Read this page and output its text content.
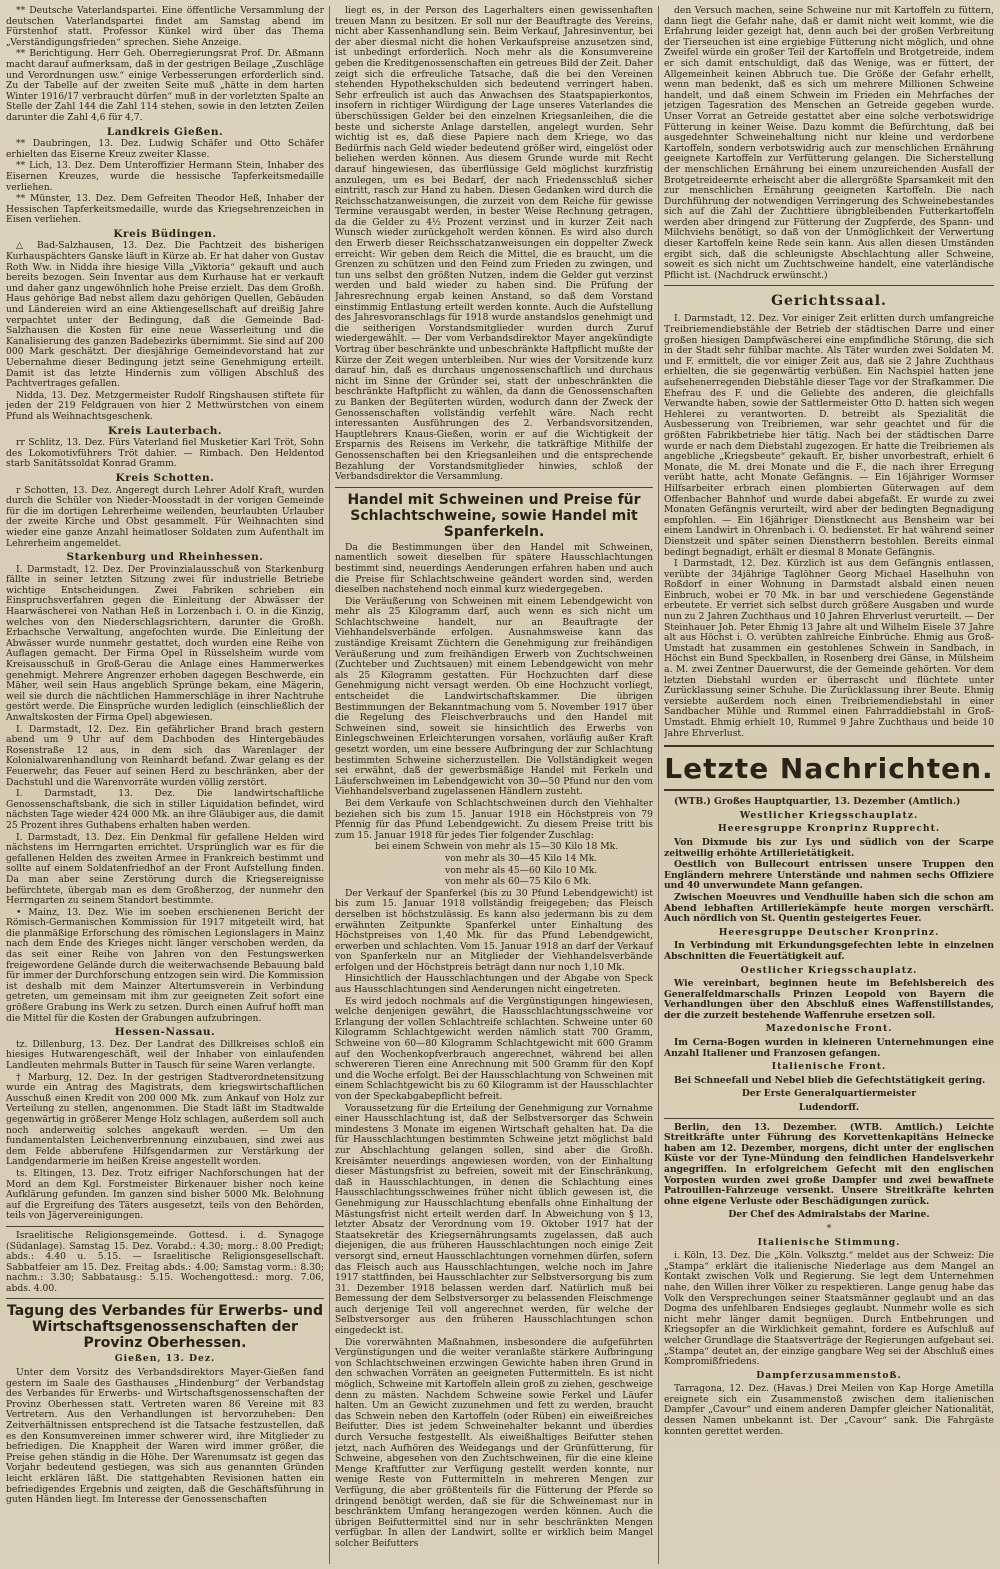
** Deutsche Vaterlandspartei. Eine öffentliche Versammlung der deutschen Vaterlandspartei findet am Samstag abend im Fürstenhof statt. Professor Künkel wird über das Thema „Verständigungsfrieden“ sprechen. Siehe Anzeige.

** Berichtigung. Herr Geh. Oberregierungsrat Prof. Dr. Aßmann macht darauf aufmerksam, daß in der gestrigen Beilage „Zuschläge und Verordnungen usw.“ einige Verbesserungen erforderlich sind. Zu der Tabelle auf der zweiten Seite muß „hätte in dem harten Winter 1916/17 verbraucht dürfen“ muß in der vorletzten Spalte an Stelle der Zahl 144 die Zahl 114 stehen, sowie in den letzten Zeilen darunter die Zahl 4,6 für 4,7.

Landkreis Gießen.

** Daubringen, 13. Dez. Ludwig Schäfer und Otto Schäfer erhielten das Eiserne Kreuz zweiter Klasse.

** Lich, 13. Dez. Dem Unteroffizier Hermann Stein, Inhaber des Eisernen Kreuzes, wurde die hessische Tapferkeitsmedaille verliehen.

** Münster, 13. Dez. Dem Gefreiten Theodor Heß, Inhaber der Hessischen Tapferkeitsmedaille, wurde das Kriegsehrenzeichen in Eisen verliehen.

Kreis Büdingen.

△ Bad-Salzhausen, 13. Dez. Die Pachtzeit des bisherigen Kurhauspächters Ganske läuft in Kürze ab. Er hat daher von Gustav Roth Ww. in Nidda ihre hiesige Villa „Viktoria“ gekauft und auch bereits bezogen. Sein Inventar aus dem Kurhause hat er verkauft und daher ganz ungewöhnlich hohe Preise erzielt. Das dem Großh. Haus gehörige Bad nebst allem dazu gehörigen Quellen, Gebäuden und Ländereien wird an eine Aktiengesellschaft auf dreißig Jahre verpachtet unter der Bedingung, daß die Gemeinde Bad-Salzhausen die Kosten für eine neue Wasserleitung und die Kanalisierung des ganzen Badebezirks übernimmt. Sie sind auf 200 000 Mark geschätzt. Der diesjährige Gemeindevorstand hat zur Uebernahme dieser Bedingung jetzt seine Genehmigung erteilt. Damit ist das letzte Hindernis zum völligen Abschluß des Pachtvertrages gefallen.

Nidda, 13. Dez. Metzgermeister Rudolf Ringshausen stiftete für jeden der 219 Feldgrauen von hier 2 Mettwürstchen von einem Pfund als Weihnachtsgeschenk.

Kreis Lauterbach.

rr Schlitz, 13. Dez. Fürs Vaterland fiel Musketier Karl Tröt, Sohn des Lokomotivführers Tröt dahier. — Rimbach. Den Heldentod starb Sanitätssoldat Konrad Gramm.

Kreis Schotten.

r Schotten, 13. Dez. Angeregt durch Lehrer Adolf Kraft, wurden durch die Schüler von Nieder-Moosstadt in der vorigen Gemeinde für die im dortigen Lehrerheime weilenden, beurlaubten Urlauber der zweite Kirche und Obst gesammelt. Für Weihnachten sind wieder eine ganze Anzahl heimatloser Soldaten zum Aufenthalt im Lehrerheim angemeldet.

Starkenburg und Rheinhessen.

I. Darmstadt, 12. Dez. Der Provinzialausschuß von Starkenburg fällte in seiner letzten Sitzung zwei für industrielle Betriebe wichtige Entscheidungen. Zwei Fabriken schrieben ein Einspruchsverfahren gegen die Einleitung der Abwässer der Haarwäscherei von Nathan Heß in Lorzenbach i. O. in die Kinzig, welches von den Niederschlagsrichtern, darunter die Großh. Erbachsche Verwaltung, angefochten wurde. Die Einleitung der Abwässer wurde nunmehr gestattet, doch wurden eine Reihe von Auflagen gemacht. Der Firma Opel in Rüsselsheim wurde vom Kreisausschuß in Groß-Gerau die Anlage eines Hammerwerkes genehmigt. Mehrere Angrenzer erhoben dagegen Beschwerde, ein Mäher, weil sein Haus angeblich Sprünge bekam, eine Mägerin, weil sie durch die nächtlichen Hammerschläge in ihrer Nachtruhe gestört werde. Die Einsprüche wurden lediglich (einschließlich der Anwaltskosten der Firma Opel) abgewiesen.

I. Darmstadt, 12. Dez. Ein gefährlicher Brand brach gestern abend um 9 Uhr auf dem Dachboden des Hintergebäudes Rosenstraße 12 aus, in dem sich das Warenlager der Kolonialwarenhandlung von Reinhardt befand. Zwar gelang es der Feuerwehr, das Feuer auf seinen Herd zu beschränken, aber der Dachstuhl und die Warenvorräte wurden völlig zerstört.

I. Darmstadt, 13. Dez. Die landwirtschaftliche Genossenschaftsbank, die sich in stiller Liquidation befindet, wird nächsten Tage wieder 424 000 Mk. an ihre Gläubiger aus, die damit 25 Prozent ihres Guthabens erhalten haben werden.

I. Darmstadt, 13. Dez. Ein Denkmal für gefallene Helden wird nächstens im Herrngarten errichtet. Ursprünglich war es für die gefallenen Helden des zweiten Armee in Frankreich bestimmt und sollte auf einem Soldatenfriedhof an der Front Aufstellung finden. Da man aber seine Zerstörung durch die Kriegsereignisse befürchtete, übergab man es dem Großherzog, der nunmehr den Herrngarten zu seinem Standort bestimmte.

• Mainz, 13. Dez. Wie im soeben erschienenen Bericht der Römisch-Germanischen Kommission für 1917 mitgeteilt wird, hat die planmäßige Erforschung des römischen Legionslagers in Mainz nach dem Ende des Krieges nicht länger verschoben werden, da das seit einer Reihe von Jahren von den Festungswerken freigewordene Gelände durch die weiterwachsende Bebauung bald für immer der Durchforschung entzogen sein wird. Die Kommission ist deshalb mit dem Mainzer Altertumsverein in Verbindung getreten, um gemeinsam mit ihm zur geeigneten Zeit sofort eine größere Grabung ins Werk zu setzen. Durch einen Aufruf hofft man die Mittel für die Kosten der Grabungen aufzubringen.

Hessen-Nassau.

tz. Dillenburg, 13. Dez. Der Landrat des Dillkreises schloß ein hiesiges Hutwarengeschäft, weil der Inhaber von einlaufenden Landleuten mehrmals Butter in Tausch für seine Waren verlangte.

† Marburg, 12. Dez. In der gestrigen Stadtverordnetensitzung wurde ein Antrag des Magistrats, dem kriegswirtschaftlichen Ausschuß einen Kredit von 200 000 Mk. zum Ankauf von Holz zur Verteilung zu stellen, angenommen. Die Stadt läßt im Stadtwalde gegenwärtig in größerer Menge Holz schlagen, außerdem soll auch noch anderweitig solches angekauft werden. — Um den fundamentalsten Leichenverbrennung einzubauen, sind zwei aus dem Felde abberufene Hilfsgendarmen zur Verstärkung der Landgendarmerie im heißen Kreise angestellt worden.

ts. Eltingen, 13. Dez. Trotz eifriger Nachforschungen hat der Mord an dem Kgl. Forstmeister Birkenauer bisher noch keine Aufklärung gefunden. Im ganzen sind bisher 5000 Mk. Belohnung auf die Ergreifung des Täters ausgesetzt, teils von den Behörden, teils von Jägervereinigungen.

Israelitische Religionsgemeinde. Gottesd. i. d. Synagoge (Südanlage). Samstag 15. Dez. Vorabd.: 4.30; morg.: 8.00 Predigt; abds.: 4.40 u. 5.15. — Israelitische Religionsgesellschaft. Sabbatfeier am 15. Dez. Freitag abds.: 4.00; Samstag vorm.: 8.30; nachm.: 3.30; Sabbatausg.: 5.15. Wochengottesd.: morg. 7.06, abds. 4.00.

Tagung des Verbandes für Erwerbs- und Wirtschaftsgenossenschaften der Provinz Oberhessen.
Gießen, 13. Dez.

Unter dem Vorsitz des Verbandsdirektors Mayer-Gießen fand gestern im Saale des Gasthauses „Hindenburg“ der Verbandstag des Verbandes für Erwerbs- und Wirtschaftsgenossenschaften der Provinz Oberhessen statt. Vertreten waren 86 Vereine mit 83 Vertretern. Aus den Verhandlungen ist hervorzuheben: Den Zeitverhältnissen entsprechend ist die Tatsache festzustellen, daß es den Konsumvereinen immer schwerer wird, ihre Mitglieder zu befriedigen. Die Knappheit der Waren wird immer größer, die Preise gehen ständig in die Höhe. Der Warenumsatz ist gegen das Vorjahr bedeutend gestiegen, was sich aus genannten Gründen leicht erklären läßt. Die stattgehabten Revisionen hatten ein befriedigendes Ergebnis und zeigten, daß die Geschäftsführung in guten Händen liegt. Im Interesse der Genossenschaften

liegt es, in der Person des Lagerhalters einen gewissenhaften treuen Mann zu besitzen. Er soll nur der Beauftragte des Vereins, nicht aber Kassenhandlung sein. Beim Verkauf, Jahresinventur, bei der aber diesmal nicht die hohen Verkaufspreise anzusetzen sind, ist unbedingt erforderlich. Noch mehr als die Konsumvereine geben die Kreditgenossenschaften ein getreues Bild der Zeit. Daher zeigt sich die erfreuliche Tatsache, daß die bei den Vereinen stehenden Hypothekschulden sich bedeutend verringert haben. Sehr erfreulich ist auch das Anwachsen des Staatspapierkontos, insofern in richtiger Würdigung der Lage unseres Vaterlandes die überschüssigen Gelder bei den einzelnen Kriegsanleihen, die die beste und sicherste Anlage darstellen, angelegt wurden. Sehr wichtig ist es, daß diese Papiere nach dem Kriege, wo das Bedürfnis nach Geld wieder bedeutend größer wird, eingelöst oder beliehen werden können. Aus diesem Grunde wurde mit Recht darauf hingewiesen, das überflüssige Geld möglichst kurzfristig anzulegen, um es bei Bedarf, der nach Friedensschluß sicher eintritt, rasch zur Hand zu haben. Diesen Gedanken wird durch die Reichsschatzanweisungen, die zurzeit von dem Reiche für gewisse Termine verausgabt werden, in bester Weise Rechnung getragen, da die Gelder zu 4½ Prozent verzinst und in kurzer Zeit nach Wunsch wieder zurückgeholt werden können. Es wird also durch den Erwerb dieser Reichsschatzanweisungen ein doppelter Zweck erreicht: Wir geben dem Reich die Mittel, die es braucht, um die Grenzen zu schützen und den Feind zum Frieden zu zwingen, und tun uns selbst den größten Nutzen, indem die Gelder gut verzinst werden und bald wieder zu haben sind. Die Prüfung der Jahresrechnung ergab keinen Anstand, so daß dem Vorstand einstimmig Entlastung erteilt werden konnte. Auch die Aufstellung des Jahresvoranschlags für 1918 wurde anstandslos genehmigt und die seitherigen Vorstandsmitglieder wurden durch Zuruf wiedergewählt. — Der vom Verbandsdirektor Mayer angekündigte Vortrag über beschränkte und unbeschränkte Haftpflicht mußte der Kürze der Zeit wegen unterbleiben. Nur wies der Vorsitzende kurz darauf hin, daß es durchaus ungenossenschaftlich und durchaus nicht im Sinne der Gründer sei, statt der unbeschränkten die beschränkte Haftpflicht zu wählen, da dann die Genossenschaften zu Banken der Begüterten würden, wodurch dann der Zweck der Genossenschaften vollständig verfehlt wäre. Nach recht interessanten Ausführungen des 2. Verbandsvorsitzenden, Hauptlehrers Knaus-Gießen, worin er auf die Wichtigkeit der Ersparnis des Reisens im Verkehr, die tatkräftige Mithilfe der Genossenschaften bei den Kriegsanleihen und die entsprechende Bezahlung der Vorstandsmitglieder hinwies, schloß der Verbandsdirektor die Versammlung.

Handel mit Schweinen und Preise für Schlachtschweine, sowie Handel mit Spanferkeln.

Da die Bestimmungen über den Handel mit Schweinen, namentlich soweit dieselben für spätere Hausschlachtungen bestimmt sind, neuerdings Aenderungen erfahren haben und auch die Preise für Schlachtschweine geändert worden sind, werden dieselben nachstehend noch einmal kurz wiedergegeben.

Die Veräußerung von Schweinen mit einem Lebendgewicht von mehr als 25 Kilogramm darf, auch wenn es sich nicht um Schlachtschweine handelt, nur an Beauftragte der Viehhandelsverbände erfolgen. Ausnahmsweise kann das zuständige Kreisamt Züchtern die Genehmigung zur freihändigen Veräußerung und zum freihändigen Erwerb von Zuchtschweinen (Zuchteber und Zuchtsauen) mit einem Lebendgewicht von mehr als 25 Kilogramm gestatten. Für Hochzuchten darf diese Genehmigung nicht versagt werden. Ob eine Hochzucht vorliegt, entscheidet die Landwirtschaftskammer. Die übrigen Bestimmungen der Bekanntmachung vom 5. November 1917 über die Regelung des Fleischverbrauchs und den Handel mit Schweinen sind, soweit sie hinsichtlich des Erwerbs von Einlegschweinen Erleichterungen vorsahen, vorläufig außer Kraft gesetzt worden, um eine bessere Aufbringung der zur Schlachtung bestimmten Schweine sicherzustellen. Die Vollständigkeit wegen sei erwähnt, daß der gewerbsmäßige Handel mit Ferkeln und Läuferschweinen im Lebendgewicht von 30—50 Pfund nur den vom Viehhandelsverband zugelassenen Händlern zusteht.

Bei dem Verkaufe von Schlachtschweinen durch den Viehhalter beziehen sich bis zum 15. Januar 1918 ein Höchstpreis von 79 Pfennig für das Pfund Lebendgewicht. Zu diesem Preise tritt bis zum 15. Januar 1918 für jedes Tier folgender Zuschlag:

bei einem Schwein von mehr als 15—30 Kilo 18 Mk.

von mehr als 30—45 Kilo 14 Mk.

von mehr als 45—60 Kilo 10 Mk.

von mehr als 60—75 Kilo 6 Mk.

Der Verkauf der Spanferkel (bis zu 30 Pfund Lebendgewicht) ist bis zum 15. Januar 1918 vollständig freigegeben; das Fleisch derselben ist höchstzulässig. Es kann also jedermann bis zu dem erwähnten Zeitpunkte Spanferkel unter Einhaltung des Höchstpreises von 1,40 Mk. für das Pfund Lebendgewicht, erwerben und schlachten. Vom 15. Januar 1918 an darf der Verkauf von Spanferkeln nur an Mitglieder der Viehhandelsverbände erfolgen und der Höchstpreis beträgt dann nur noch 1,10 Mk.

Hinsichtlich der Hausschlachtungen und der Abgabe von Speck aus Hausschlachtungen sind Aenderungen nicht eingetreten.

Es wird jedoch nochmals auf die Vergünstigungen hingewiesen, welche denjenigen gewährt, die Hausschlachtungsschweine vor Erlangung der vollen Schlachtreife schlachten. Schweine unter 60 Kilogramm Schlachtgewicht werden nämlich statt 700 Gramm, Schweine von 60—80 Kilogramm Schlachtgewicht mit 600 Gramm auf den Wochenkopfverbrauch angerechnet, während bei allen schwereren Tieren eine Anrechnung mit 500 Gramm für den Kopf und die Woche erfolgt. Bei der Hausschlachtung von Schweinen mit einem Schlachtgewicht bis zu 60 Kilogramm ist der Hausschlachter von der Speckabgabepflicht befreit.

Voraussetzung für die Erteilung der Genehmigung zur Vornahme einer Hausschlachtung ist, daß der Selbstversorger das Schwein mindestens 3 Monate im eigenen Wirtschaft gehalten hat. Da die für Hausschlachtungen bestimmten Schweine jetzt möglichst bald zur Abschlachtung gelangen sollen, sind aber die Großh. Kreisämter neuerdings angewiesen worden, von der Einhaltung dieser Mästungsfrist zu befreien, soweit mit der Einschränkung, daß in Hausschlachtungen, in denen die Schlachtung eines Hausschlachtungsschweines früher nicht üblich gewesen ist, die Genehmigung zur Hausschlachtung ebenfalls ohne Einhaltung der Mästungsfrist nicht erteilt werden darf. In Abweichung von § 13, letzter Absatz der Verordnung vom 19. Oktober 1917 hat der Staatsekretär des Kriegsernährungsamts zugelassen, daß auch diejenigen, die aus früheren Hausschlachtungen noch einige Zeit versorgt sind, erneut Hausschlachtungen vornehmen dürfen, sofern das Fleisch auch aus Hausschlachtungen, welche noch im Jahre 1917 stattfinden, bei Hausschlachter zur Selbstversorgung bis zum 31. Dezember 1918 belassen werden darf. Natürlich muß bei Bemessung der dem Selbstversorger zu belassenden Fleischmenge auch derjenige Teil voll angerechnet werden, für welche der Selbstversorger aus den früheren Hausschlachtungen schon eingedeckt ist.

Die vorerwähnten Maßnahmen, insbesondere die aufgeführten Vergünstigungen und die weiter veranlaßte stärkere Aufbringung von Schlachtschweinen erzwingen Gewichte haben ihren Grund in den schwachen Vorräten an geeigneten Futtermitteln. Es ist nicht möglich, Schweine mit Kartoffeln allein groß zu ziehen, geschweige denn zu mästen. Nachdem Schweine sowie Ferkel und Läufer halten. Um an Gewicht zuzunehmen und fett zu werden, braucht das Schwein neben den Kartoffeln (oder Rüben) ein eiweißreiches Beifutter. Dies ist jedem Schweinehalter bekannt und überdies durch Versuche festgestellt. Als eiweißhaltiges Beifutter stehen jetzt, nach Aufhören des Weidegangs und der Grünfütterung, für Schweine, abgesehen von den Zuchtschweinen, für die eine kleine Menge Kraftfutter zur Verfügung gestellt werden konnte, nur wenige Reste von Futtermitteln in mehreren Mengen zur Verfügung, die aber größtenteils für die Fütterung der Pferde so dringend benötigt werden, daß sie für die Schweinemast nur in beschränktem Umfang herangezogen werden können. Auch die übrigen Beifuttermittel sind nur in sehr beschränkten Mengen verfügbar. In allen der Landwirt, sollte er wirklich beim Mangel solcher Beifutters

den Versuch machen, seine Schweine nur mit Kartoffeln zu füttern, dann liegt die Gefahr nahe, daß er damit nicht weit kommt, wie die Erfahrung leider gezeigt hat, denn auch bei der großen Verbreitung der Tierseuchen ist eine ergiebige Fütterung nicht möglich, und ohne Zweifel würde ein großer Teil der Kartoffeln und Brotgetreide, indem er sich damit entschuldigt, daß das Wenige, was er füttert, der Allgemeinheit keinen Abbruch tue. Die Größe der Gefahr erhellt, wenn man bedenkt, daß es sich um mehrere Millionen Schweine handelt, und daß einem Schwein im Frieden ein Mehrfaches der jetzigen Tagesration des Menschen an Getreide gegeben wurde. Unser Vorrat an Getreide gestattet aber eine solche verbotswidrige Fütterung in keiner Weise. Dazu kommt die Befürchtung, daß bei ausgedehnter Schweinehaltung nicht nur kleine und verdorbene Kartoffeln, sondern verbotswidrig auch zur menschlichen Ernährung geeignete Kartoffeln zur Verfütterung gelangen. Die Sicherstellung der menschlichen Ernährung bei einem unzureichenden Ausfall der Brotgetreideernte erheischt aber die allergrößte Sparsamkeit mit den zur menschlichen Ernährung geeigneten Kartoffeln. Die nach Durchführung der notwendigen Verringerung des Schweinebestandes sich auf die Zahl der Zuchttiere übrigbleibenden Futterkartoffeln werden aber dringend zur Fütterung der Zugpferde, des Spann- und Milchviehs benötigt, so daß von der Unmöglichkeit der Verwertung dieser Kartoffeln keine Rede sein kann. Aus allen diesen Umständen ergibt sich, daß die schleunigste Abschlachtung aller Schweine, soweit es sich nicht um Zuchtschweine handelt, eine vaterländische Pflicht ist. (Nachdruck erwünscht.)

Gerichtssaal.

I. Darmstadt, 12. Dez. Vor einiger Zeit erlitten durch umfangreiche Treibriemendiebstähle der Betrieb der städtischen Darre und einer großen hiesigen Dampfwäscherei eine empfindliche Störung, die sich in der Stadt sehr fühlbar machte. Als Täter wurden zwei Soldaten M. und F. ermittelt, die vor einiger Zeit aus, daß sie 2 Jahre Zuchthaus erhielten, die sie gegenwärtig verbüßen. Ein Nachspiel hatten jene aufsehenerregenden Diebstähle dieser Tage vor der Strafkammer. Die Ehefrau des F. und die Geliebte des anderen, die gleichfalls Verwandte haben, sowie der Sattlermeister Otto D. hatten sich wegen Hehlerei zu verantworten. D. betreibt als Spezialität die Ausbesserung von Treibriemen, war sehr geachtet und für die größten Fabrikbetriebe hier tätig. Nach bei der städtischen Darre wurde er nach dem Diebstahl zugezogen. Er hatte die Treibriemen als angebliche „Kriegsbeute“ gekauft. Er, bisher unvorbestraft, erhielt 6 Monate, die M. drei Monate und die F., die nach ihrer Erregung verübt hatte, acht Monate Gefängnis. — Ein 16jähriger Wormser Hilfsarbeiter erbrach einen plombierten Güterwagen auf dem Offenbacher Bahnhof und wurde dabei abgefaßt. Er wurde zu zwei Monaten Gefängnis verurteilt, wird aber der bedingten Begnadigung empfohlen. — Ein 16jähriger Dienstknecht aus Bensheim war bei einem Landwirt in Ohrenbach i. O. bedienstet. Er hat während seiner Dienstzeit und später seinen Dienstherrn bestohlen. Bereits einmal bedingt begnadigt, erhält er diesmal 8 Monate Gefängnis.

I Darmstadt, 12. Dez. Kürzlich ist aus dem Gefängnis entlassen, verübte der 34jährige Taglöhner Georg Michael Haselhuhn von Roßdorf in einer Wohnung in Darmstadt alsbald einen neuen Einbruch, wobei er 70 Mk. in bar und verschiedene Gegenstände erbeutete. Er verriet sich selbst durch größere Ausgaben und wurde nun zu 2 Jahren Zuchthaus und 10 Jahren Ehrverlust verurteilt. — Der Steinhauer Joh. Peter Ehmig 13 Jahre alt und Wilhelm Eisele 37 Jahre alt aus Höchst i. O. verübten zahlreiche Einbrüche. Ehmig aus Groß-Umstadt hat zusammen ein gestohlenes Schwein in Sandbach, in Höchst ein Bund Speckballen, in Rosenberg drei Gänse, in Mülsheim a. M. zwei Zentner Dauerwurst, die der Gemeinde gehörten. Vor dem letzten Diebstahl wurden er überrascht und flüchtete unter Zurücklassung seiner Schuhe. Die Zurücklassung ihrer Beute. Ehmig versiebte außerdem noch einen Treibriemendiebstahl in einer Sandbacher Mühle und Rummel einen Fahrraddiebstahl in Groß-Umstadt. Ehmig erhielt 10, Rummel 9 Jahre Zuchthaus und beide 10 Jahre Ehrverlust.

Letzte Nachrichten.

(WTB.) Großes Hauptquartier, 13. Dezember (Amtlich.)

Westlicher Kriegsschauplatz.
Heeresgruppe Kronprinz Rupprecht.

Von Dixmude bis zur Lys und südlich von der Scarpe zeitweilig erhöhte Artillerietätigkeit.

Oestlich von Bullecourt entrissen unsere Truppen den Engländern mehrere Unterstände und nahmen sechs Offiziere und 40 unverwundete Mann gefangen.

Zwischen Moeuvres und Vendhuille haben sich die schon am Abend lebhaften Artilleriekämpfe heute morgen verschärft. Auch nördlich von St. Quentin gesteigertes Feuer.

Heeresgruppe Deutscher Kronprinz.

In Verbindung mit Erkundungsgefechten lebte in einzelnen Abschnitten die Feuertätigkeit auf.

Oestlicher Kriegsschauplatz.

Wie vereinbart, beginnen heute im Befehlsbereich des Generalfeldmarschalls Prinzen Leopold von Bayern die Verhandlungen über den Abschluß eines Waffenstillstandes, der die zurzeit bestehende Waffenruhe ersetzen soll.

Mazedonische Front.

Im Cerna-Bogen wurden in kleineren Unternehmungen eine Anzahl Italiener und Franzosen gefangen.

Italienische Front.

Bei Schneefall und Nebel blieb die Gefechtstätigkeit gering.

Der Erste Generalquartiermeister
Ludendorff.

Berlin, den 13. Dezember. (WTB. Amtlich.) Leichte Streitkräfte unter Führung des Korvettenkapitäns Heinecke haben am 12. Dezember, morgens, dicht unter der englischen Küste vor der Tyne-Mündung den feindlichen Handelsverkehr angegriffen. In erfolgreichem Gefecht mit den englischen Vorposten wurden zwei große Dampfer und zwei bewaffnete Patrouillen-Fahrzeuge versenkt. Unsere Streitkräfte kehrten ohne eigene Verluste oder Beschädigungen zurück.

Der Chef des Admiralstabs der Marine.
*
Italienische Stimmung.

i. Köln, 13. Dez. Die „Köln. Volksztg.“ meldet aus der Schweiz: Die „Stampa“ erklärt die italienische Niederlage aus dem Mangel an Kontakt zwischen Volk und Regierung. Sie legt dem Unternehmen nahe, den Willen ihrer Völker zu respektieren. Lange genug habe das Volk den Versprechungen seiner Staatsmänner geglaubt und an das Dogma des unfehlbaren Endsieges geglaubt. Nunmehr wolle es sich nicht mehr länger damit begnügen. Durch Entbehrungen und Kriegsopfer an die Wirklichkeit gemahnt, fordere es Aufschluß auf welcher Grundlage die Staatsverträge der Regierungen aufgebaut sei. „Stampa“ deutet an, der einzige gangbare Weg sei der Abschluß eines Kompromißfriedens.

Dampferzusammenstoß.

Tarragona, 12. Dez. (Havas.) Drei Meilen von Kap Horge Ametilla ereignete sich ein Zusammenstoß zwischen dem italienischen Dampfer „Cavour“ und einem anderen Dampfer gleicher Nationalität, dessen Namen unbekannt ist. Der „Cavour“ sank. Die Fahrgäste konnten gerettet werden.
